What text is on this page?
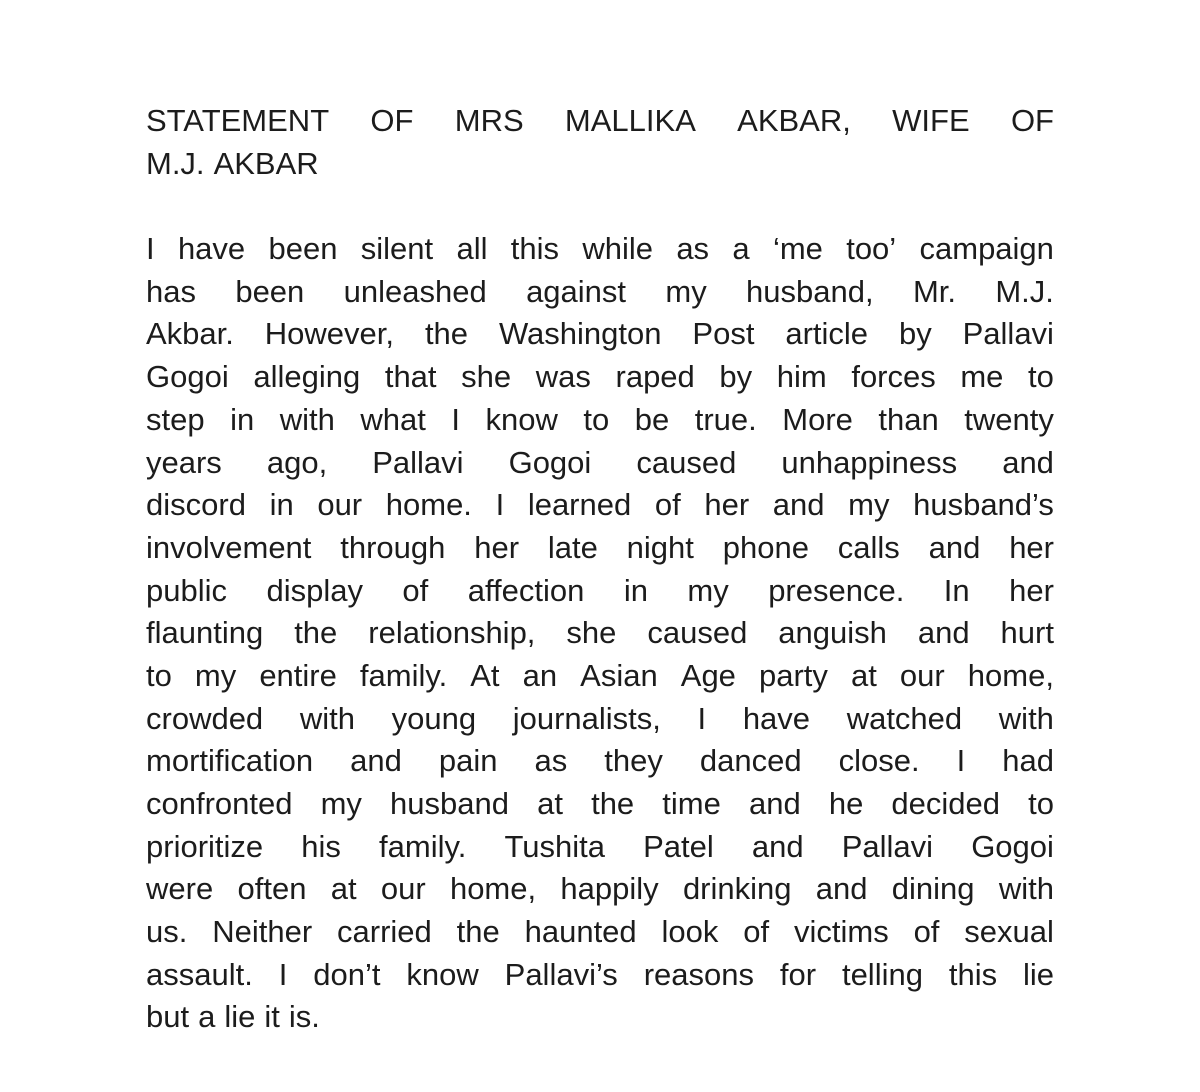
STATEMENT OF MRS MALLIKA AKBAR, WIFE OF
M.J. AKBAR
I have been silent all this while as a ‘me too’ campaign
has been unleashed against my husband, Mr. M.J.
Akbar. However, the Washington Post article by Pallavi
Gogoi alleging that she was raped by him forces me to
step in with what I know to be true. More than twenty
years ago, Pallavi Gogoi caused unhappiness and
discord in our home. I learned of her and my husband’s
involvement through her late night phone calls and her
public display of affection in my presence. In her
flaunting the relationship, she caused anguish and hurt
to my entire family. At an Asian Age party at our home,
crowded with young journalists, I have watched with
mortification and pain as they danced close. I had
confronted my husband at the time and he decided to
prioritize his family. Tushita Patel and Pallavi Gogoi
were often at our home, happily drinking and dining with
us. Neither carried the haunted look of victims of sexual
assault. I don’t know Pallavi’s reasons for telling this lie
but a lie it is.
